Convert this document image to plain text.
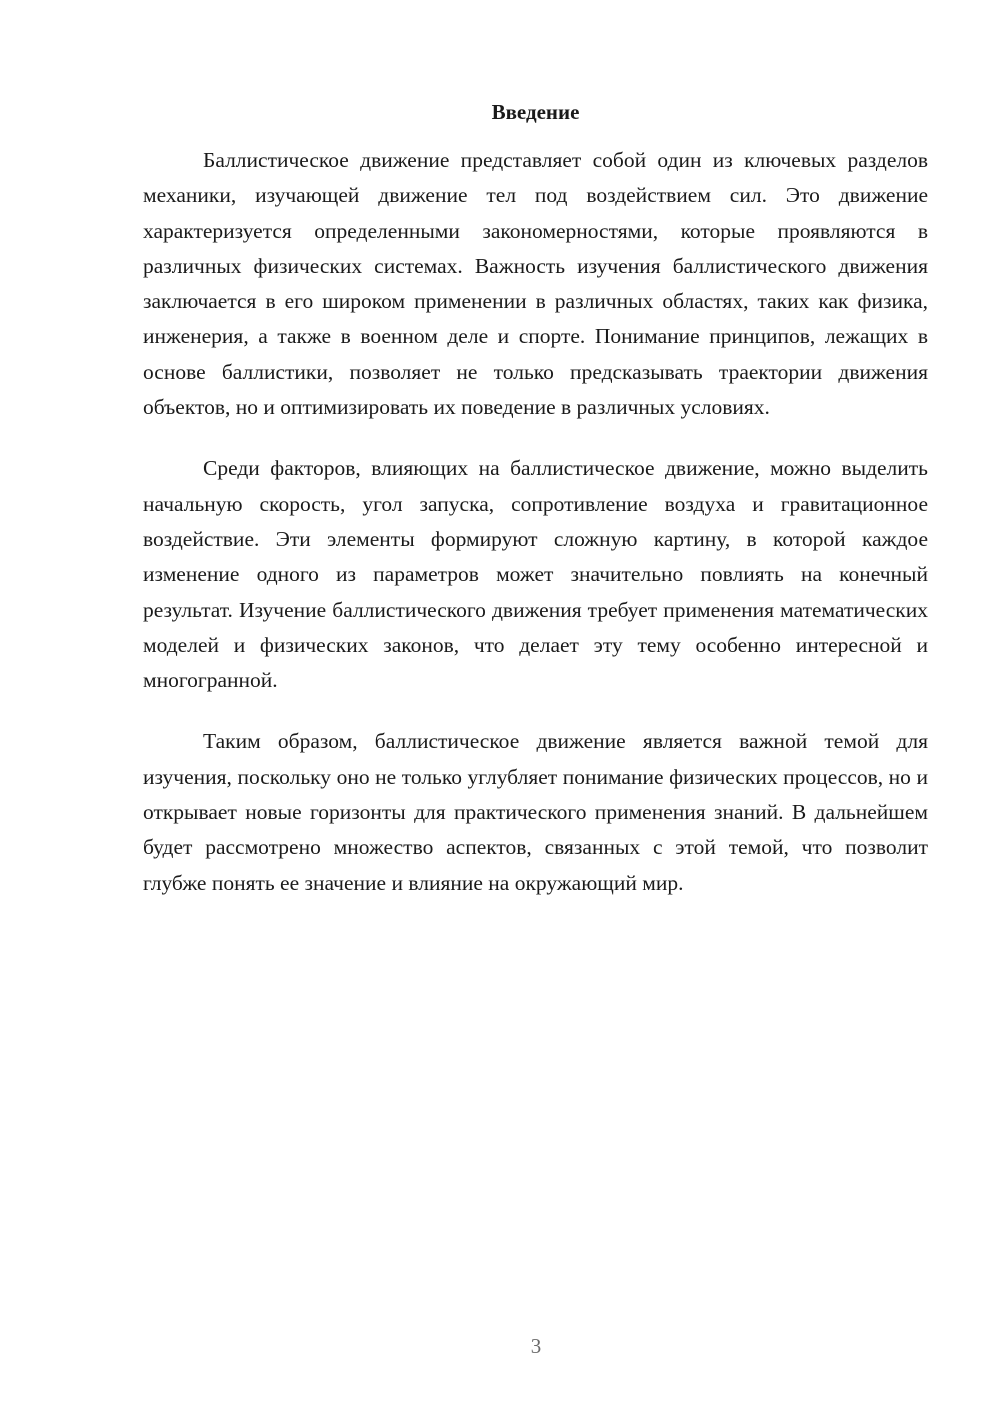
Введение

Баллистическое движение представляет собой один из ключевых разделов механики, изучающей движение тел под воздействием сил. Это движение характеризуется определенными закономерностями, которые проявляются в различных физических системах. Важность изучения баллистического движения заключается в его широком применении в различных областях, таких как физика, инженерия, а также в военном деле и спорте. Понимание принципов, лежащих в основе баллистики, позволяет не только предсказывать траектории движения объектов, но и оптимизировать их поведение в различных условиях.

Среди факторов, влияющих на баллистическое движение, можно выделить начальную скорость, угол запуска, сопротивление воздуха и гравитационное воздействие. Эти элементы формируют сложную картину, в которой каждое изменение одного из параметров может значительно повлиять на конечный результат. Изучение баллистического движения требует применения математических моделей и физических законов, что делает эту тему особенно интересной и многогранной.

Таким образом, баллистическое движение является важной темой для изучения, поскольку оно не только углубляет понимание физических процессов, но и открывает новые горизонты для практического применения знаний. В дальнейшем будет рассмотрено множество аспектов, связанных с этой темой, что позволит глубже понять ее значение и влияние на окружающий мир.

3
